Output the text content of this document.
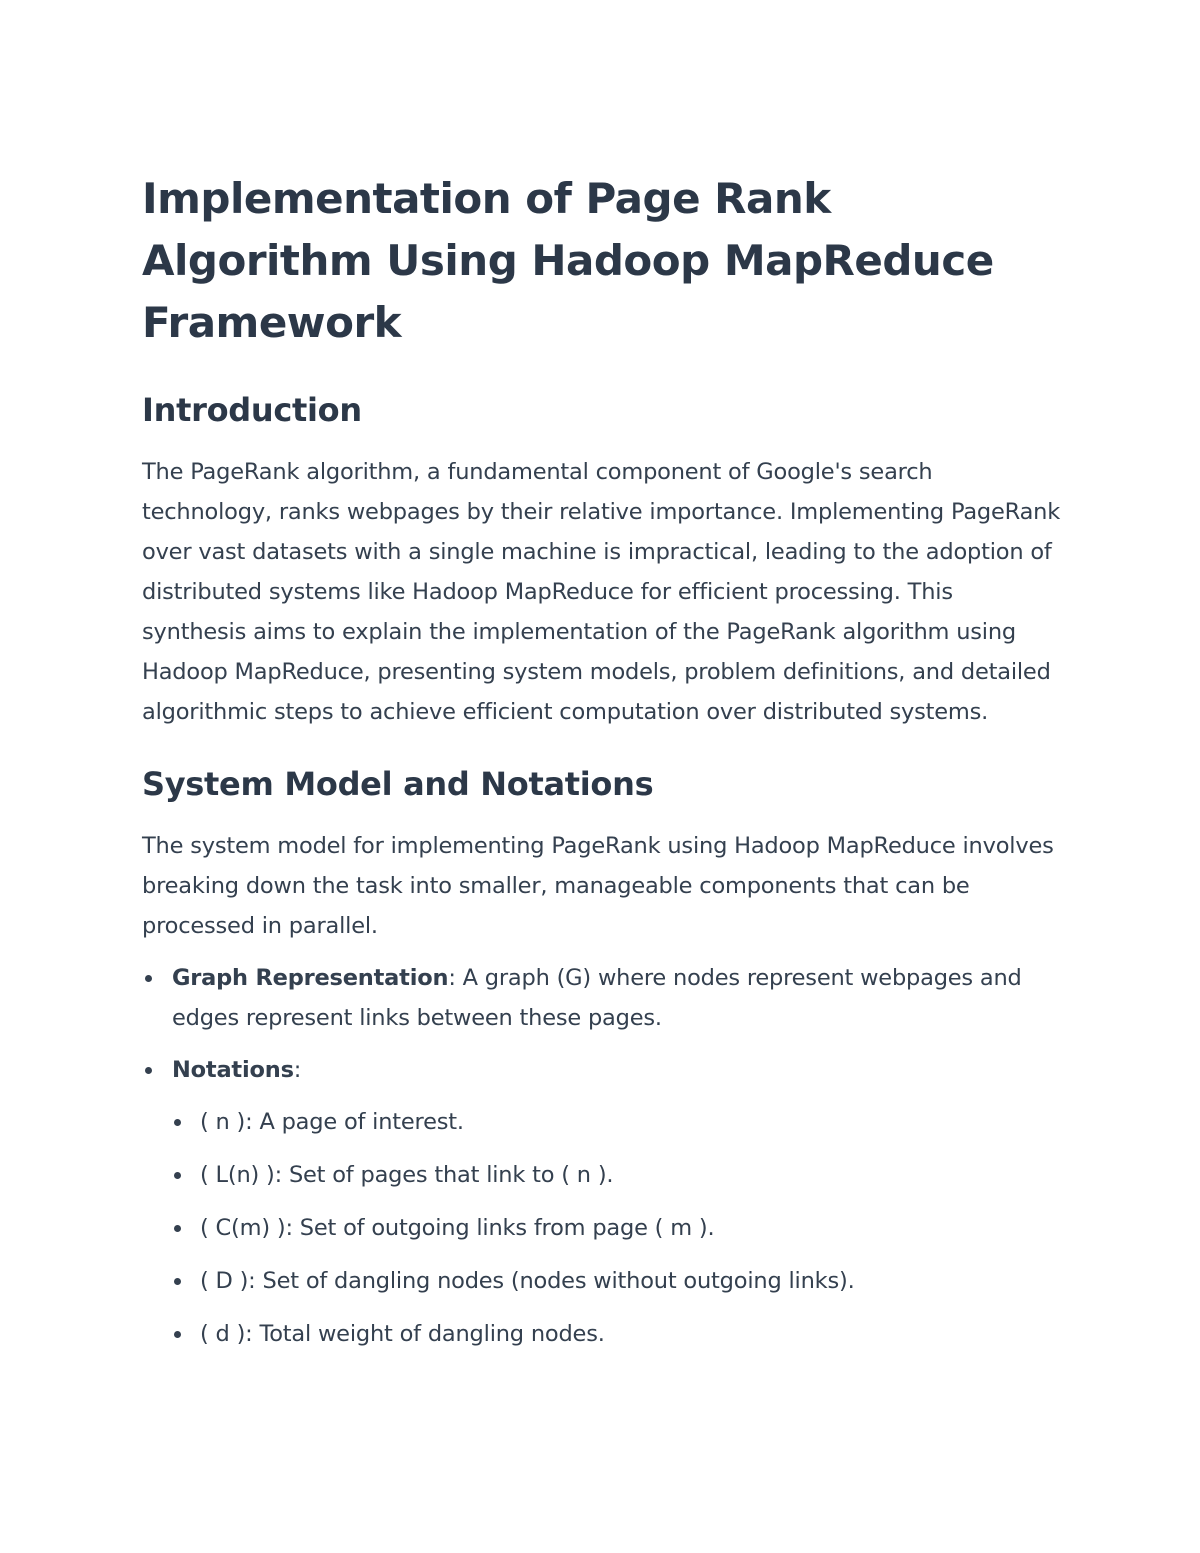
Implementation of Page Rank Algorithm Using Hadoop MapReduce Framework
Introduction

The PageRank algorithm, a fundamental component of Google's search technology, ranks webpages by their relative importance. Implementing PageRank over vast datasets with a single machine is impractical, leading to the adoption of distributed systems like Hadoop MapReduce for efficient processing. This synthesis aims to explain the implementation of the PageRank algorithm using Hadoop MapReduce, presenting system models, problem definitions, and detailed algorithmic steps to achieve efficient computation over distributed systems.

System Model and Notations

The system model for implementing PageRank using Hadoop MapReduce involves breaking down the task into smaller, manageable components that can be processed in parallel.

Graph Representation: A graph (G) where nodes represent webpages and edges represent links between these pages.
Notations:
( n ): A page of interest.
( L(n) ): Set of pages that link to ( n ).
( C(m) ): Set of outgoing links from page ( m ).
( D ): Set of dangling nodes (nodes without outgoing links).
( d ): Total weight of dangling nodes.
